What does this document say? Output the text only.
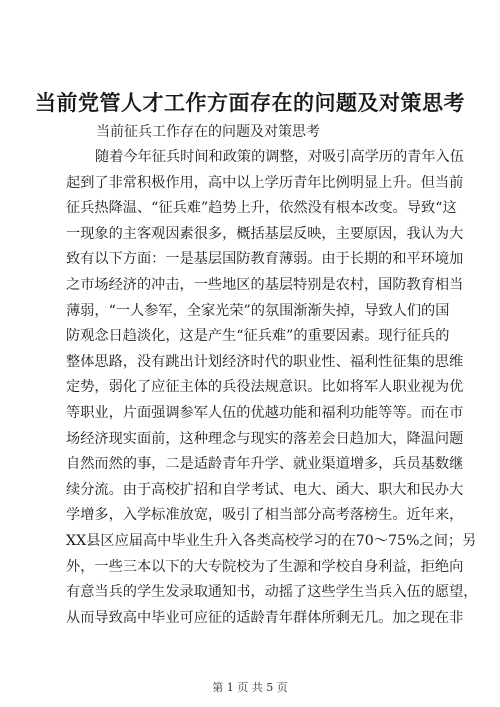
当前党管人才工作方面存在的问题及对策思考
当前征兵工作存在的问题及对策思考
随着今年征兵时间和政策的调整，对吸引高学历的青年入伍
起到了非常积极作用，高中以上学历青年比例明显上升。但当前
征兵热降温、“征兵难”趋势上升，依然没有根本改变。导致“这
一现象的主客观因素很多，概括基层反映，主要原因，我认为大
致有以下方面：一是基层国防教育薄弱。由于长期的和平环境加
之市场经济的冲击，一些地区的基层特别是农村，国防教育相当
薄弱，“一人参军，全家光荣”的氛围渐渐失掉，导致人们的国
防观念日趋淡化，这是产生“征兵难”的重要因素。现行征兵的
整体思路，没有跳出计划经济时代的职业性、福利性征集的思维
定势，弱化了应征主体的兵役法规意识。比如将军人职业视为优
等职业，片面强调参军人伍的优越功能和福利功能等等。而在市
场经济现实面前，这种理念与现实的落差会日趋加大，降温问题
自然而然的事，二是适龄青年升学、就业渠道增多，兵员基数继
续分流。由于高校扩招和自学考试、电大、函大、职大和民办大
学增多，入学标准放宽，吸引了相当部分高考落榜生。近年来，
XX县区应届高中毕业生升入各类高校学习的在70～75%之间；另
外，一些三本以下的大专院校为了生源和学校自身利益，拒绝向
有意当兵的学生发录取通知书，动摇了这些学生当兵入伍的愿望，
从而导致高中毕业可应征的适龄青年群体所剩无几。加之现在非
第 1 页 共 5 页
